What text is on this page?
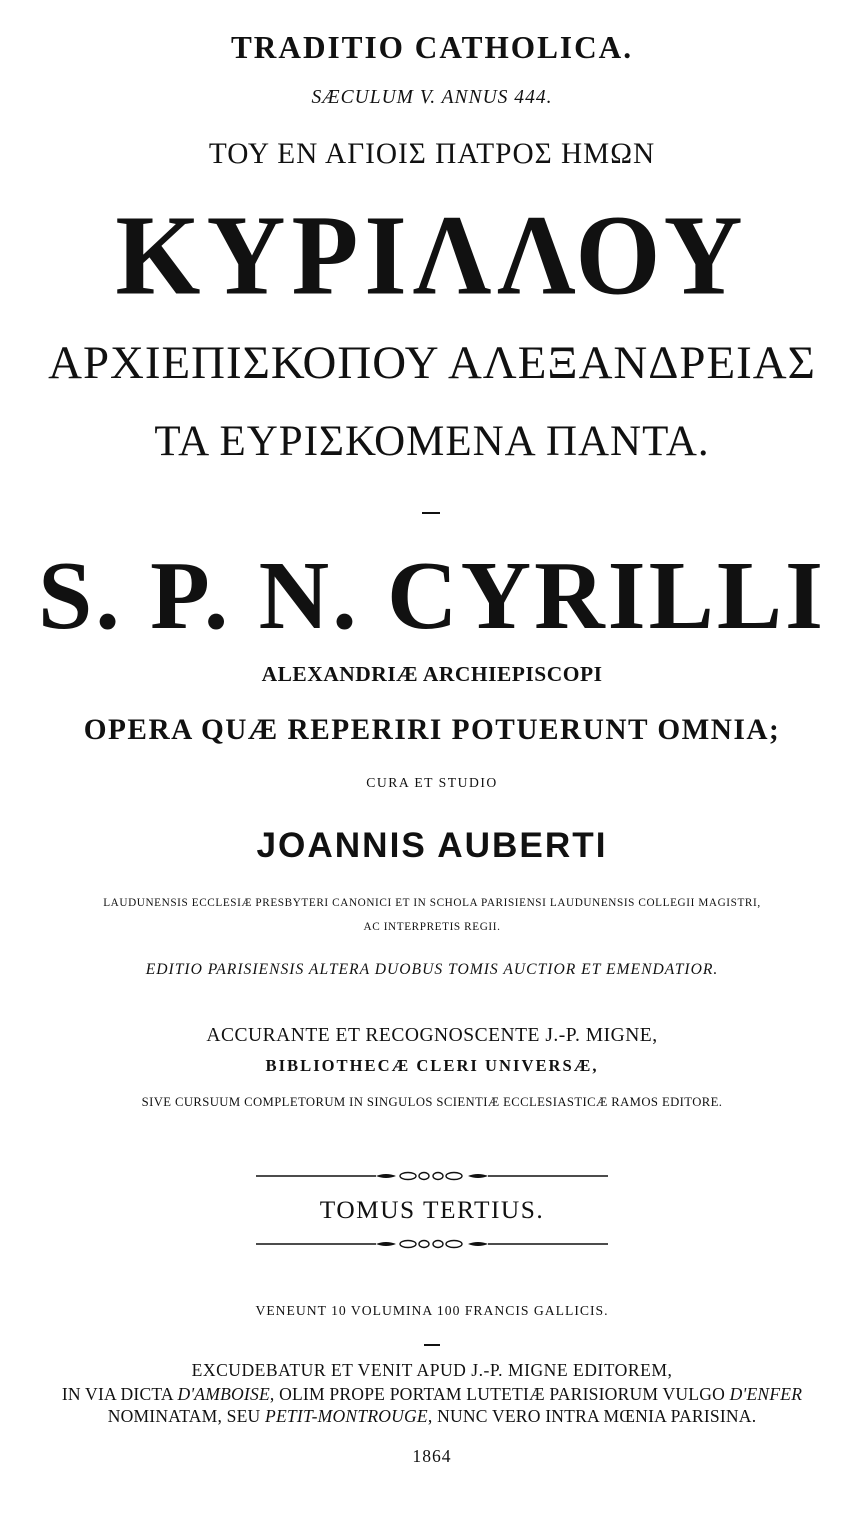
TRADITIO CATHOLICA.
SÆCULUM V. ANNUS 444.
ΤΟΥ ΕΝ ΑΓΙΟΙΣ ΠΑΤΡΟΣ ΗΜΩΝ
ΚΥΡΙΛΛΟΥ
ΑΡΧΙΕΠΙΣΚΟΠΟΥ ΑΛΕΞΑΝΔΡΕΙΑΣ
ΤΑ ΕΥΡΙΣΚΟΜΕΝΑ ΠΑΝΤΑ.
S. P. N. CYRILLI
ALEXANDRIÆ ARCHIEPISCOPI
OPERA QUÆ REPERIRI POTUERUNT OMNIA;
CURA ET STUDIO
JOANNIS AUBERTI
LAUDUNENSIS ECCLESIÆ PRESBYTERI CANONICI ET IN SCHOLA PARISIENSI LAUDUNENSIS COLLEGII MAGISTRI,
AC INTERPRETIS REGII.
EDITIO PARISIENSIS ALTERA DUOBUS TOMIS AUCTIOR ET EMENDATIOR.
ACCURANTE ET RECOGNOSCENTE J.-P. MIGNE,
BIBLIOTHECÆ CLERI UNIVERSÆ,
SIVE CURSUUM COMPLETORUM IN SINGULOS SCIENTIÆ ECCLESIASTICÆ RAMOS EDITORE.
TOMUS TERTIUS.
VENEUNT 10 VOLUMINA 100 FRANCIS GALLICIS.
EXCUDEBATUR ET VENIT APUD J.-P. MIGNE EDITOREM,
IN VIA DICTA D'AMBOISE, OLIM PROPE PORTAM LUTETIÆ PARISIORUM VULGO D'ENFER
NOMINATAM, SEU PETIT-MONTROUGE, NUNC VERO INTRA MŒNIA PARISINA.
1864
